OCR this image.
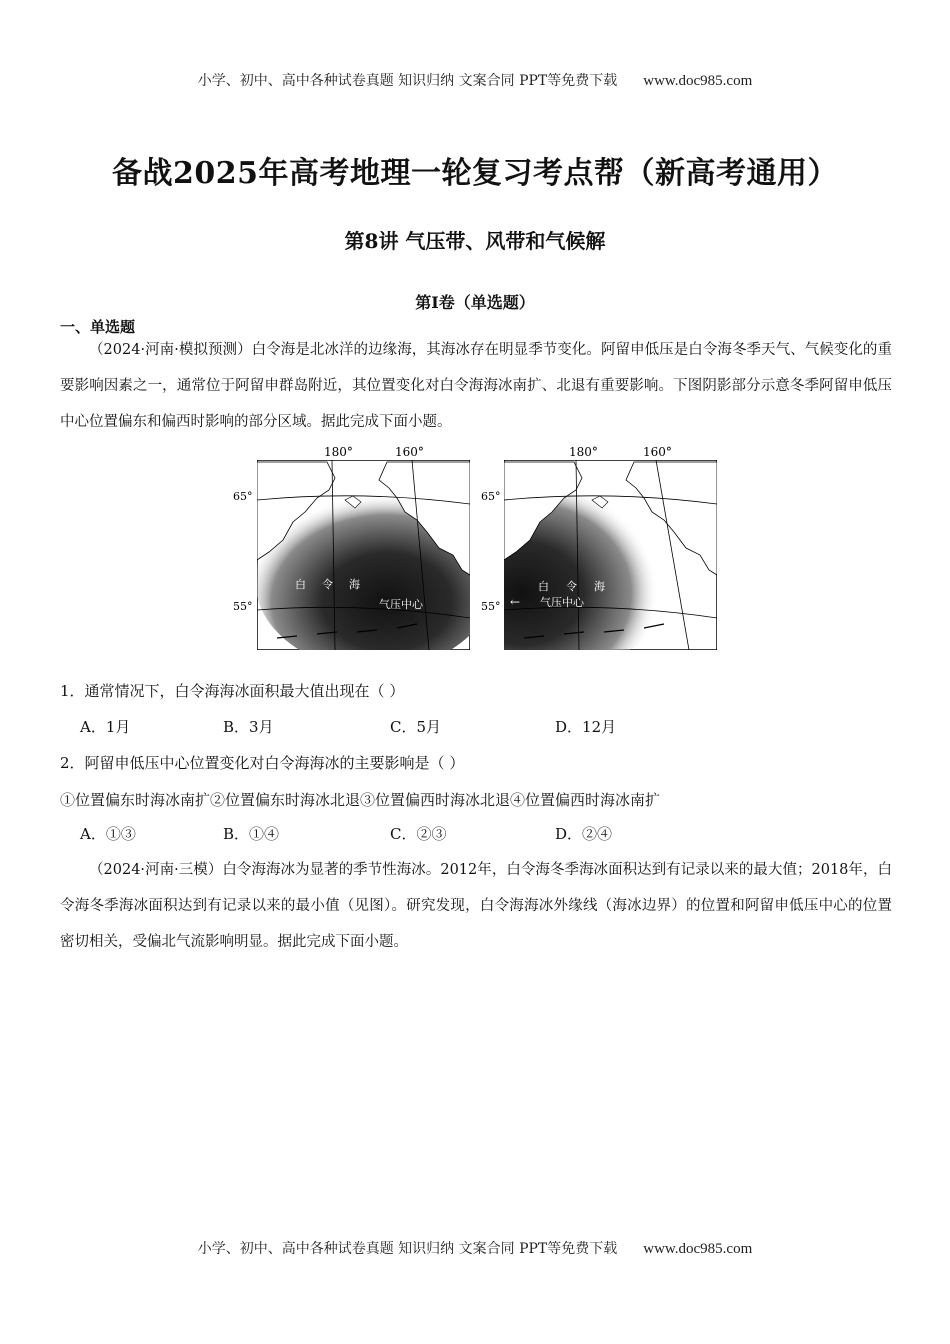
小学、初中、高中各种试卷真题 知识归纳 文案合同 PPT等免费下载 www.doc985.com
备战2025年高考地理一轮复习考点帮（新高考通用）
第8讲 气压带、风带和气候解
第I卷（单选题）
一、单选题
（2024·河南·模拟预测）白令海是北冰洋的边缘海，其海冰存在明显季节变化。阿留申低压是白令海冬季天气、气候变化的重要影响因素之一，通常位于阿留申群岛附近，其位置变化对白令海海冰南扩、北退有重要影响。下图阴影部分示意冬季阿留申低压中心位置偏东和偏西时影响的部分区域。据此完成下面小题。
白 令 海
气压中心
白 令 海
← 气压中心
180°	160°	180°	160°
65°
55°
65°
55°
1．通常情况下，白令海海冰面积最大值出现在（ ）
A．1月	B．3月	C．5月	D．12月
2．阿留申低压中心位置变化对白令海海冰的主要影响是（ ）
①位置偏东时海冰南扩②位置偏东时海冰北退③位置偏西时海冰北退④位置偏西时海冰南扩
A．①③	B．①④	C．②③	D．②④
（2024·河南·三模）白令海海冰为显著的季节性海冰。2012年，白令海冬季海冰面积达到有记录以来的最大值；2018年，白令海冬季海冰面积达到有记录以来的最小值（见图）。研究发现，白令海海冰外缘线（海冰边界）的位置和阿留申低压中心的位置密切相关，受偏北气流影响明显。据此完成下面小题。
小学、初中、高中各种试卷真题 知识归纳 文案合同 PPT等免费下载 www.doc985.com
